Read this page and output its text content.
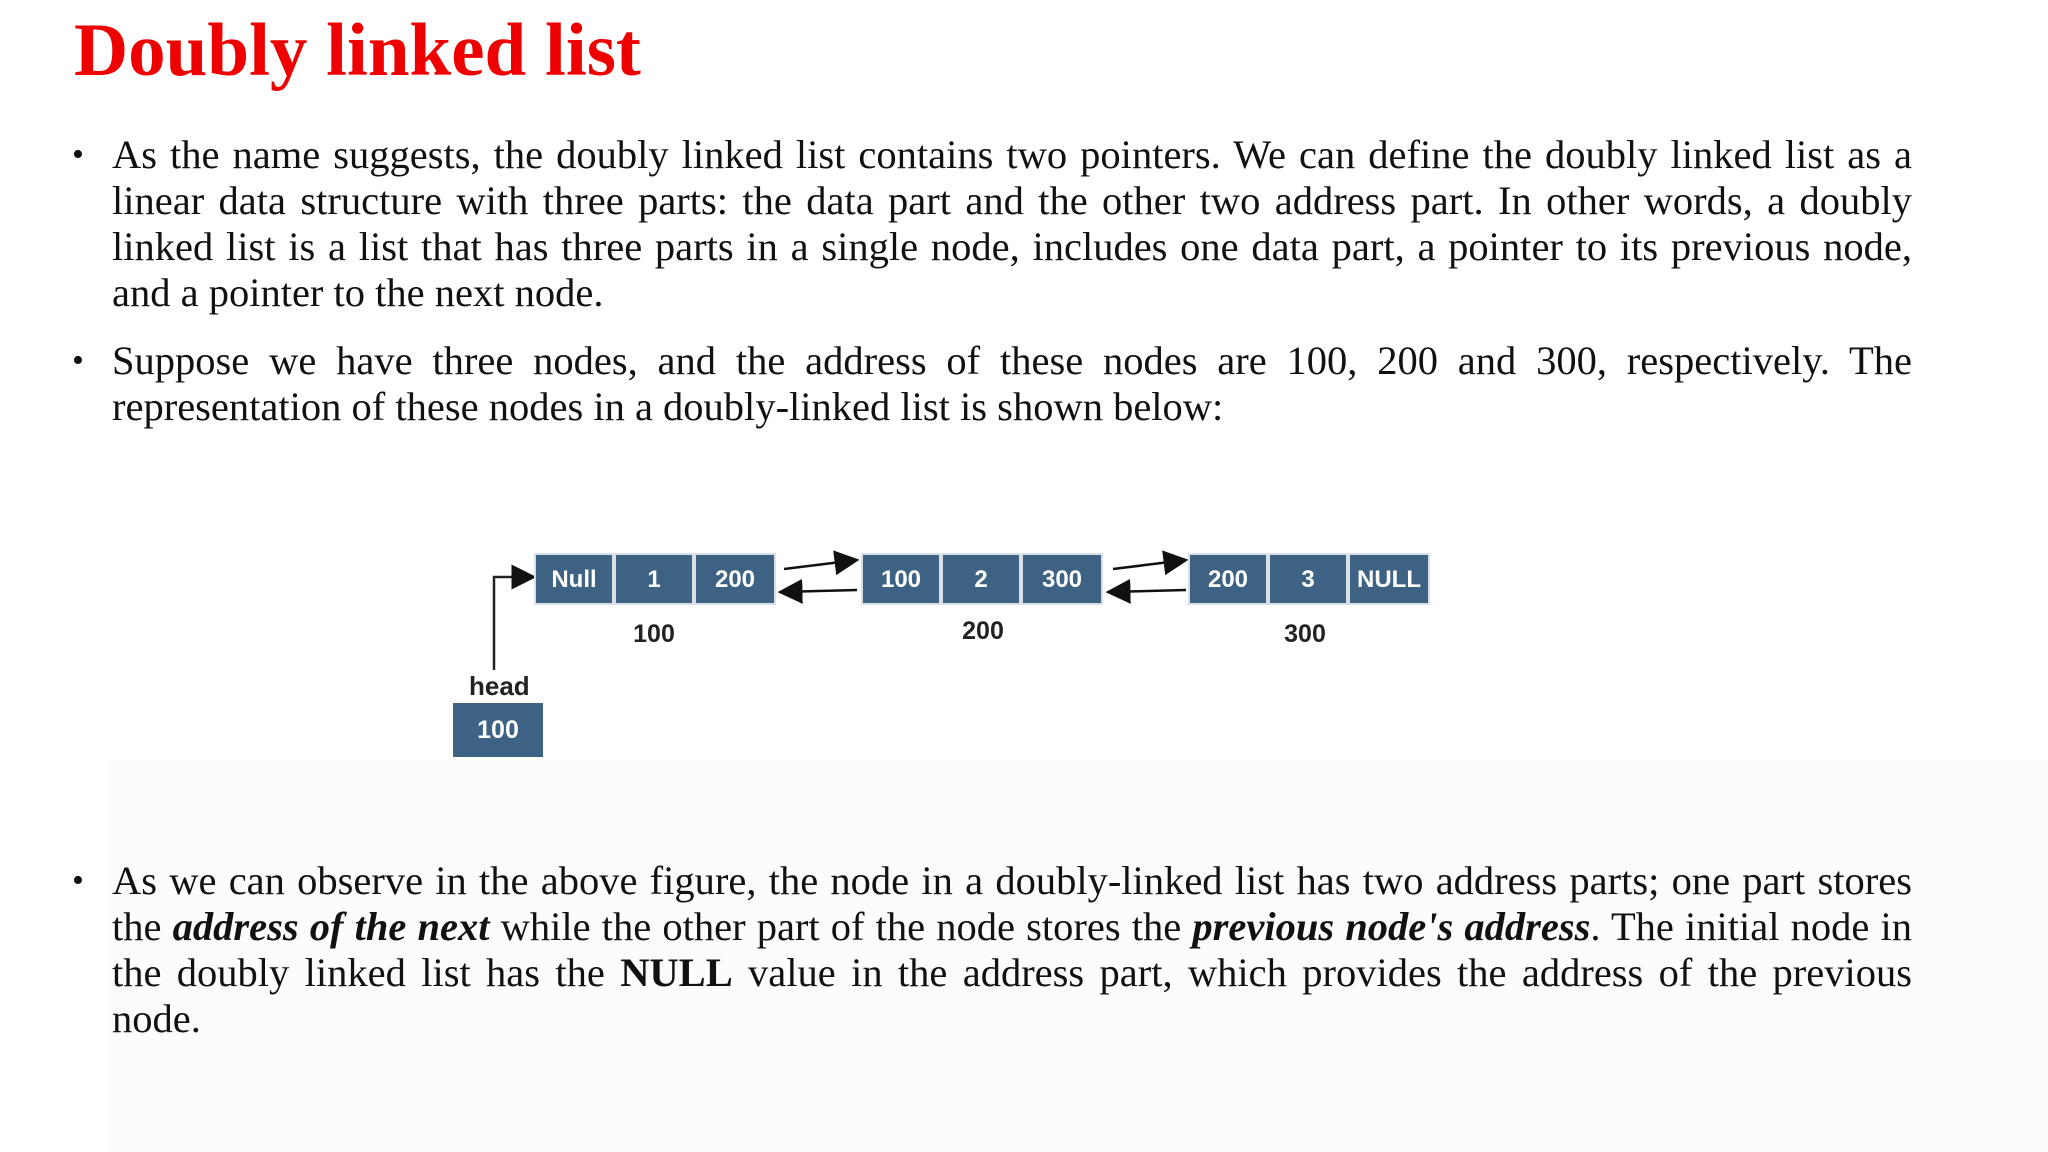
Doubly linked list
• As the name suggests, the doubly linked list contains two pointers. We can define the doubly linked list as a linear data structure with three parts: the data part and the other two address part. In other words, a doubly linked list is a list that has three parts in a single node, includes one data part, a pointer to its previous node, and a pointer to the next node.
• Suppose we have three nodes, and the address of these nodes are 100, 200 and 300, respectively. The representation of these nodes in a doubly-linked list is shown below:
Null	1	200
100
100	2	300
200
200	3	NULL
300
head
100
• As we can observe in the above figure, the node in a doubly-linked list has two address parts; one part stores the address of the next while the other part of the node stores the previous node's address. The initial node in the doubly linked list has the NULL value in the address part, which provides the address of the previous node.
